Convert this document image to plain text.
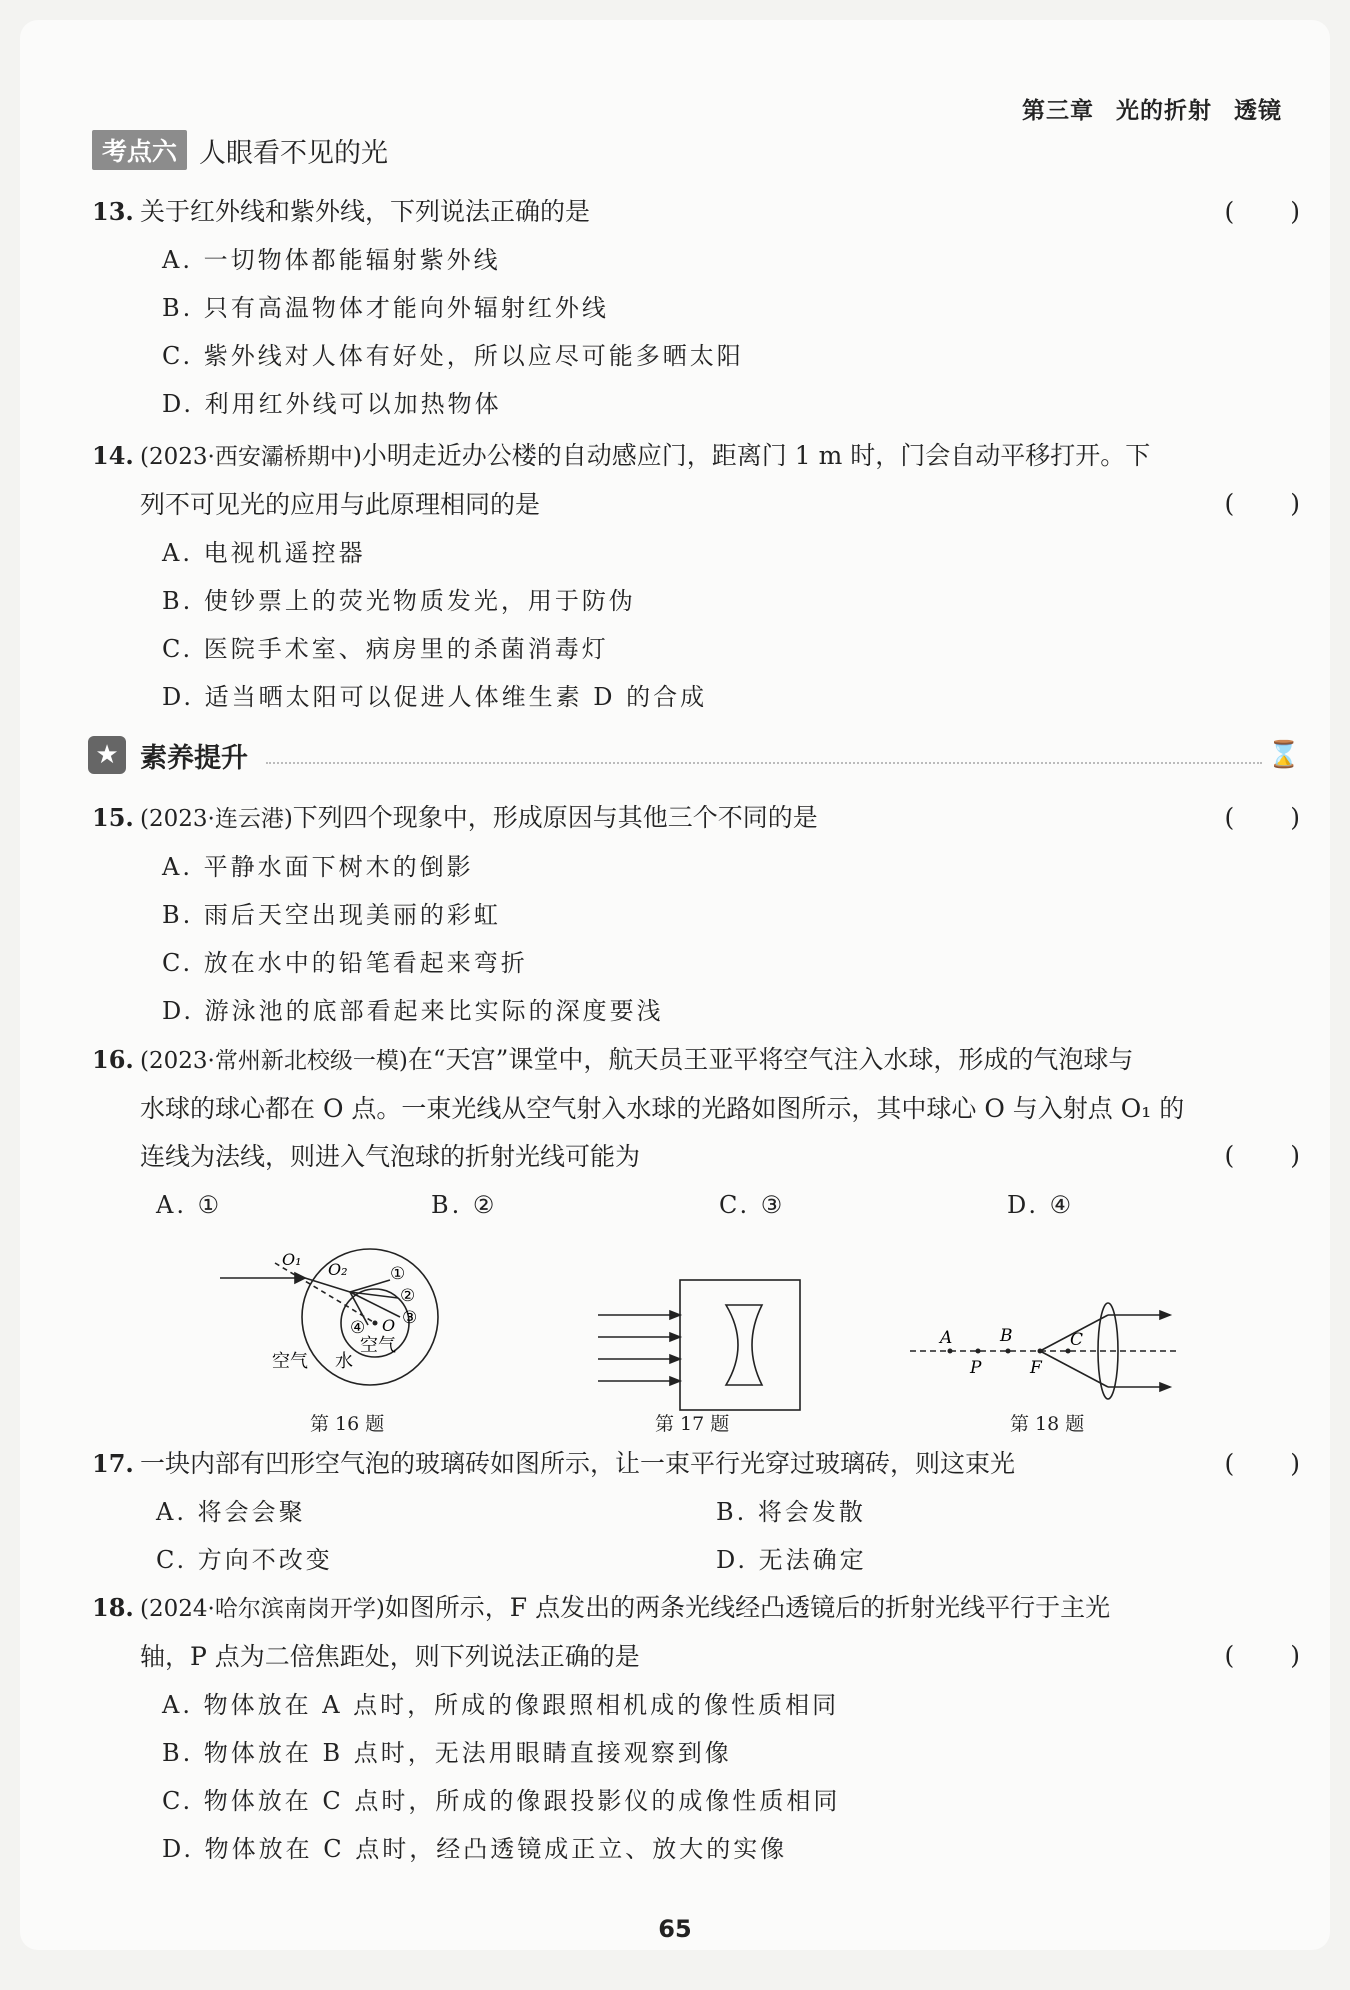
第三章 光的折射 透镜
考点六 人眼看不见的光
13. 关于红外线和紫外线，下列说法正确的是	(　　)
A. 一切物体都能辐射紫外线
B. 只有高温物体才能向外辐射红外线
C. 紫外线对人体有好处，所以应尽可能多晒太阳
D. 利用红外线可以加热物体
14. (2023·西安灞桥期中)小明走近办公楼的自动感应门，距离门 1 m 时，门会自动平移打开。下
列不可见光的应用与此原理相同的是	(　　)
A. 电视机遥控器
B. 使钞票上的荧光物质发光，用于防伪
C. 医院手术室、病房里的杀菌消毒灯
D. 适当晒太阳可以促进人体维生素 D 的合成
★ 素养提升	⌛
15. (2023·连云港)下列四个现象中，形成原因与其他三个不同的是	(　　)
A. 平静水面下树木的倒影
B. 雨后天空出现美丽的彩虹
C. 放在水中的铅笔看起来弯折
D. 游泳池的底部看起来比实际的深度要浅
16. (2023·常州新北校级一模)在“天宫”课堂中，航天员王亚平将空气注入水球，形成的气泡球与
水球的球心都在 O 点。一束光线从空气射入水球的光路如图所示，其中球心 O 与入射点 O₁ 的
连线为法线，则进入气泡球的折射光线可能为	(　　)
A. ①	B. ②	C. ③	D. ④
O₁
O₂
O
①
②
③
④
空气 水
空气	A
P
B
F
C
第 16 题	第 17 题	第 18 题
17. 一块内部有凹形空气泡的玻璃砖如图所示，让一束平行光穿过玻璃砖，则这束光	(　　)
A. 将会会聚	B. 将会发散
C. 方向不改变	D. 无法确定
18. (2024·哈尔滨南岗开学)如图所示，F 点发出的两条光线经凸透镜后的折射光线平行于主光
轴，P 点为二倍焦距处，则下列说法正确的是	(　　)
A. 物体放在 A 点时，所成的像跟照相机成的像性质相同
B. 物体放在 B 点时，无法用眼睛直接观察到像
C. 物体放在 C 点时，所成的像跟投影仪的成像性质相同
D. 物体放在 C 点时，经凸透镜成正立、放大的实像
65
